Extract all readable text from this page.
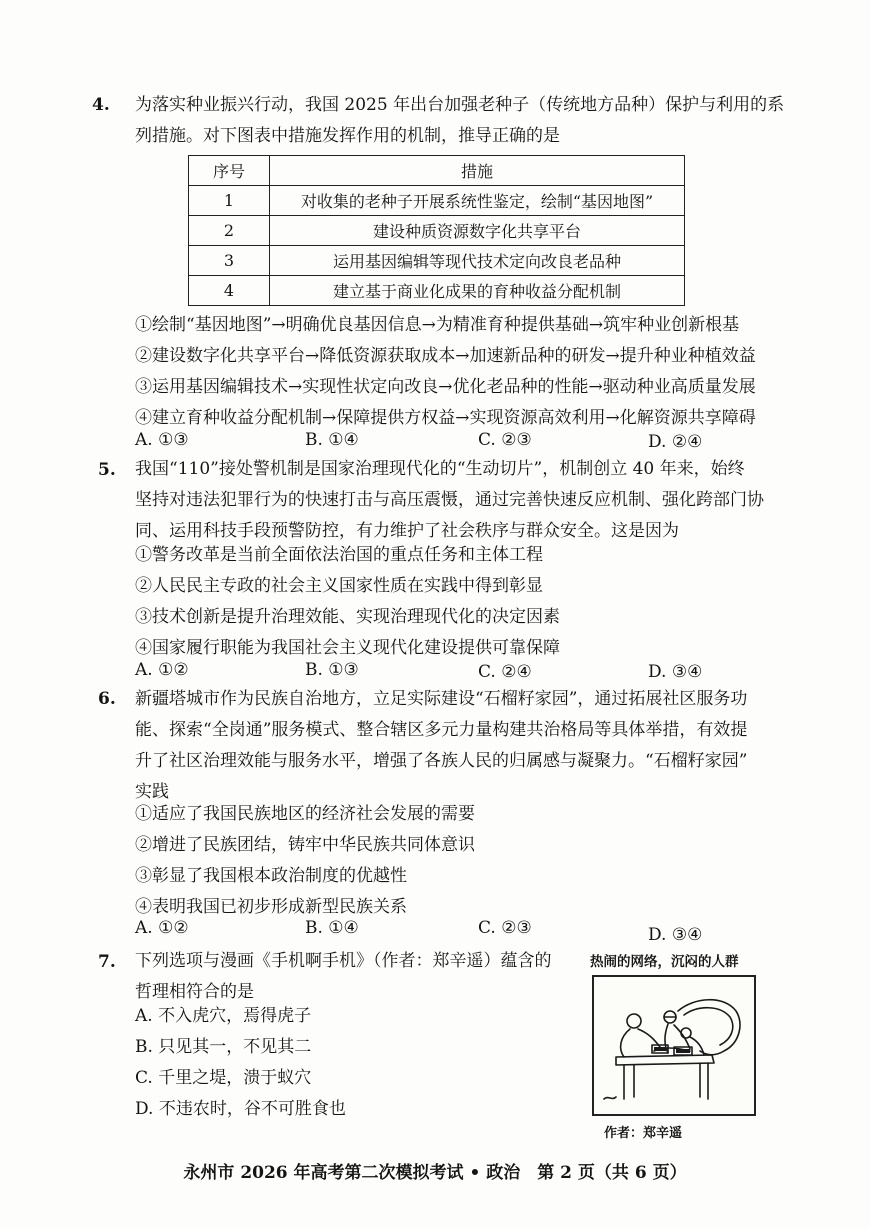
4. 为落实种业振兴行动，我国 2025 年出台加强老种子（传统地方品种）保护与利用的系
列措施。对下图表中措施发挥作用的机制，推导正确的是
序号	措施
1	对收集的老种子开展系统性鉴定，绘制“基因地图”
2	建设种质资源数字化共享平台
3	运用基因编辑等现代技术定向改良老品种
4	建立基于商业化成果的育种收益分配机制
①绘制“基因地图”→明确优良基因信息→为精准育种提供基础→筑牢种业创新根基
②建设数字化共享平台→降低资源获取成本→加速新品种的研发→提升种业种植效益
③运用基因编辑技术→实现性状定向改良→优化老品种的性能→驱动种业高质量发展
④建立育种收益分配机制→保障提供方权益→实现资源高效利用→化解资源共享障碍
A. ①③	B. ①④	C. ②③	D. ②④
5. 我国“110”接处警机制是国家治理现代化的“生动切片”，机制创立 40 年来，始终
坚持对违法犯罪行为的快速打击与高压震慑，通过完善快速反应机制、强化跨部门协
同、运用科技手段预警防控，有力维护了社会秩序与群众安全。这是因为
①警务改革是当前全面依法治国的重点任务和主体工程
②人民民主专政的社会主义国家性质在实践中得到彰显
③技术创新是提升治理效能、实现治理现代化的决定因素
④国家履行职能为我国社会主义现代化建设提供可靠保障
A. ①②	B. ①③	C. ②④	D. ③④
6. 新疆塔城市作为民族自治地方，立足实际建设“石榴籽家园”，通过拓展社区服务功
能、探索“全岗通”服务模式、整合辖区多元力量构建共治格局等具体举措，有效提
升了社区治理效能与服务水平，增强了各族人民的归属感与凝聚力。“石榴籽家园”
实践
①适应了我国民族地区的经济社会发展的需要
②增进了民族团结，铸牢中华民族共同体意识
③彰显了我国根本政治制度的优越性
④表明我国已初步形成新型民族关系
A. ①②	B. ①④	C. ②③	D. ③④
7. 下列选项与漫画《手机啊手机》（作者：郑辛遥）蕴含的
哲理相符合的是
A. 不入虎穴，焉得虎子
B. 只见其一，不见其二
C. 千里之堤，溃于蚁穴
D. 不违农时，谷不可胜食也
热闹的网络，沉闷的人群
作者：郑辛遥
永州市 2026 年高考第二次模拟考试 • 政治　第 2 页（共 6 页）
